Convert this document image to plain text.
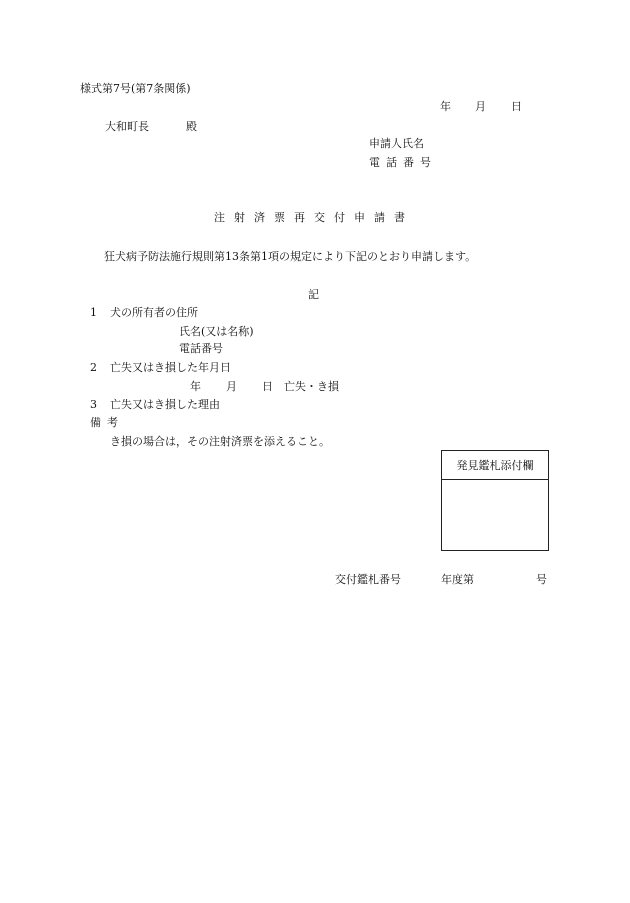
様式第7号(第7条関係)
年 月 日
大和町長	殿
申請人氏名
電話番号
注射済票再交付申請書
狂犬病予防法施行規則第13条第1項の規定により下記のとおり申請します。
記
1 犬の所有者の住所
氏名(又は名称)
電話番号
2 亡失又はき損した年月日
年 月 日 亡失・き損
3 亡失又はき損した理由
備考
き損の場合は，その注射済票を添えること。
発見鑑札添付欄
交付鑑札番号	年度第	号
